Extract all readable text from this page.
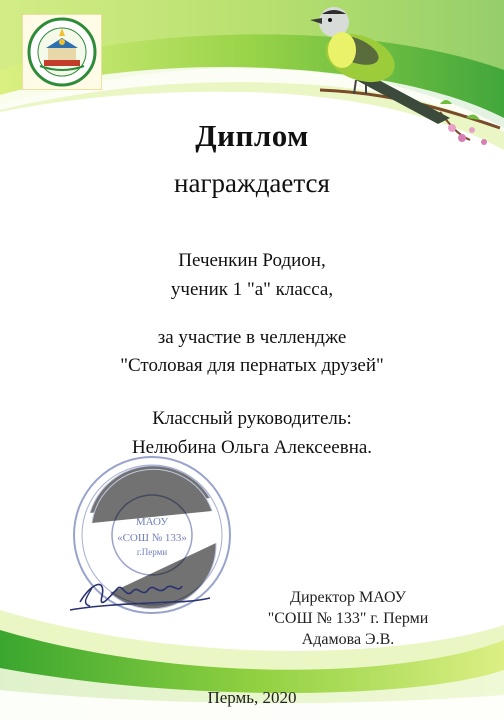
Диплом
награждается
Печенкин Родион,
ученик 1 "а" класса,
за участие в челлендже
"Столовая для пернатых друзей"
Классный руководитель:
Нелюбина Ольга Алексеевна.
МАОУ
«СОШ № 133»
г.Перми
Директор МАОУ
"СОШ № 133" г. Перми
Адамова Э.В.
Пермь, 2020
